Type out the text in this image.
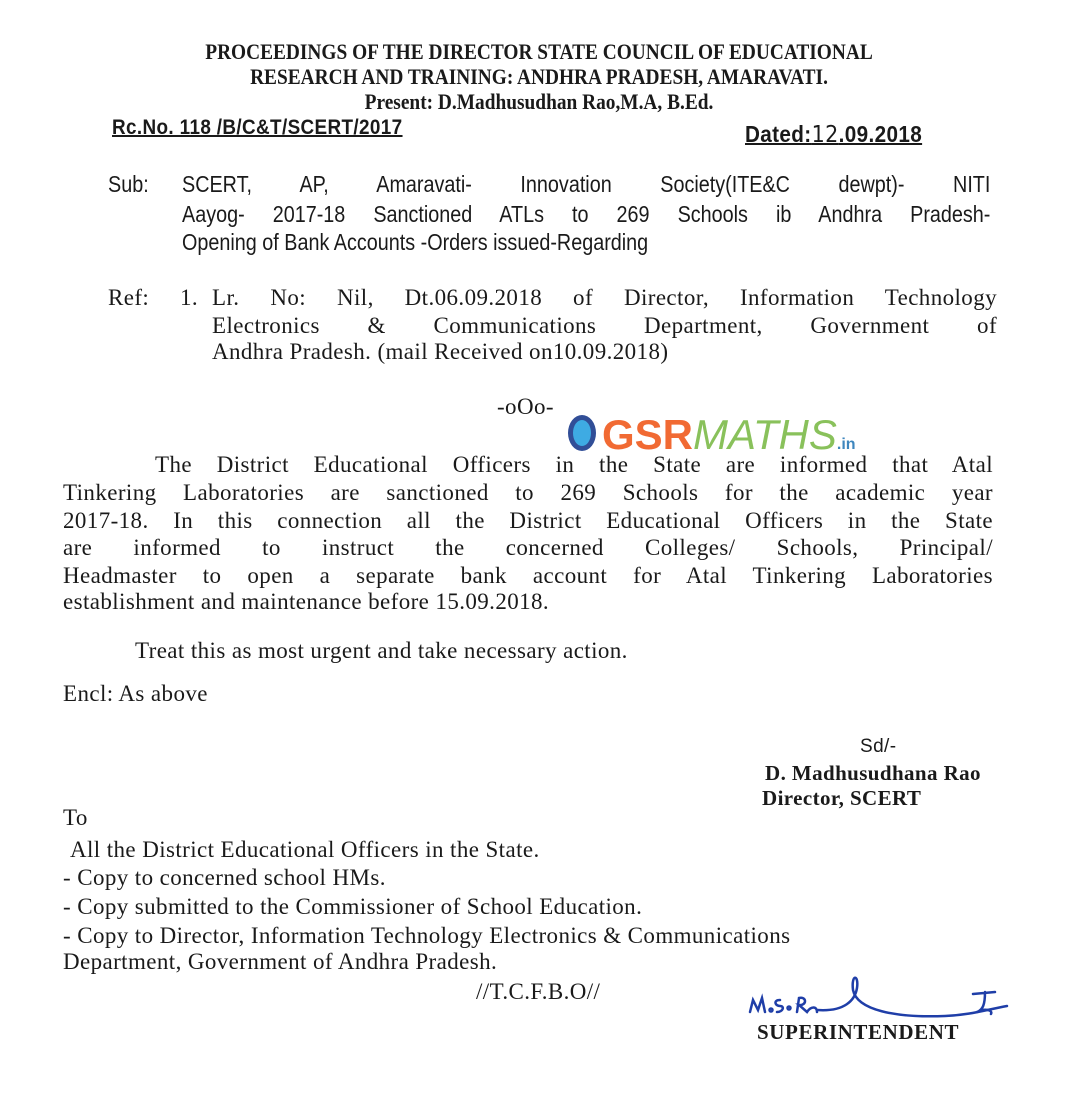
PROCEEDINGS OF THE DIRECTOR STATE COUNCIL OF EDUCATIONAL
RESEARCH AND TRAINING: ANDHRA PRADESH, AMARAVATI.
Present: D.Madhusudhan Rao,M.A, B.Ed.
Rc.No. 118 /B/C&T/SCERT/2017	Dated:12.09.2018
Sub: SCERT, AP, Amaravati- Innovation Society(ITE&C dewpt)- NITI
Aayog- 2017-18 Sanctioned ATLs to 269 Schools ib Andhra Pradesh-
Opening of Bank Accounts -Orders issued-Regarding
Ref: 1. Lr. No: Nil, Dt.06.09.2018 of Director, Information Technology
Electronics & Communications Department, Government of
Andhra Pradesh. (mail Received on10.09.2018)
-oOo-
GSRMATHS.in
The District Educational Officers in the State are informed that Atal
Tinkering Laboratories are sanctioned to 269 Schools for the academic year
2017-18. In this connection all the District Educational Officers in the State
are informed to instruct the concerned Colleges/ Schools, Principal/
Headmaster to open a separate bank account for Atal Tinkering Laboratories
establishment and maintenance before 15.09.2018.
Treat this as most urgent and take necessary action.
Encl: As above
Sd/-
D. Madhusudhana Rao
Director, SCERT
To
All the District Educational Officers in the State.
- Copy to concerned school HMs.
- Copy submitted to the Commissioner of School Education.
- Copy to Director, Information Technology Electronics & Communications
Department, Government of Andhra Pradesh.
//T.C.F.B.O//
SUPERINTENDENT
